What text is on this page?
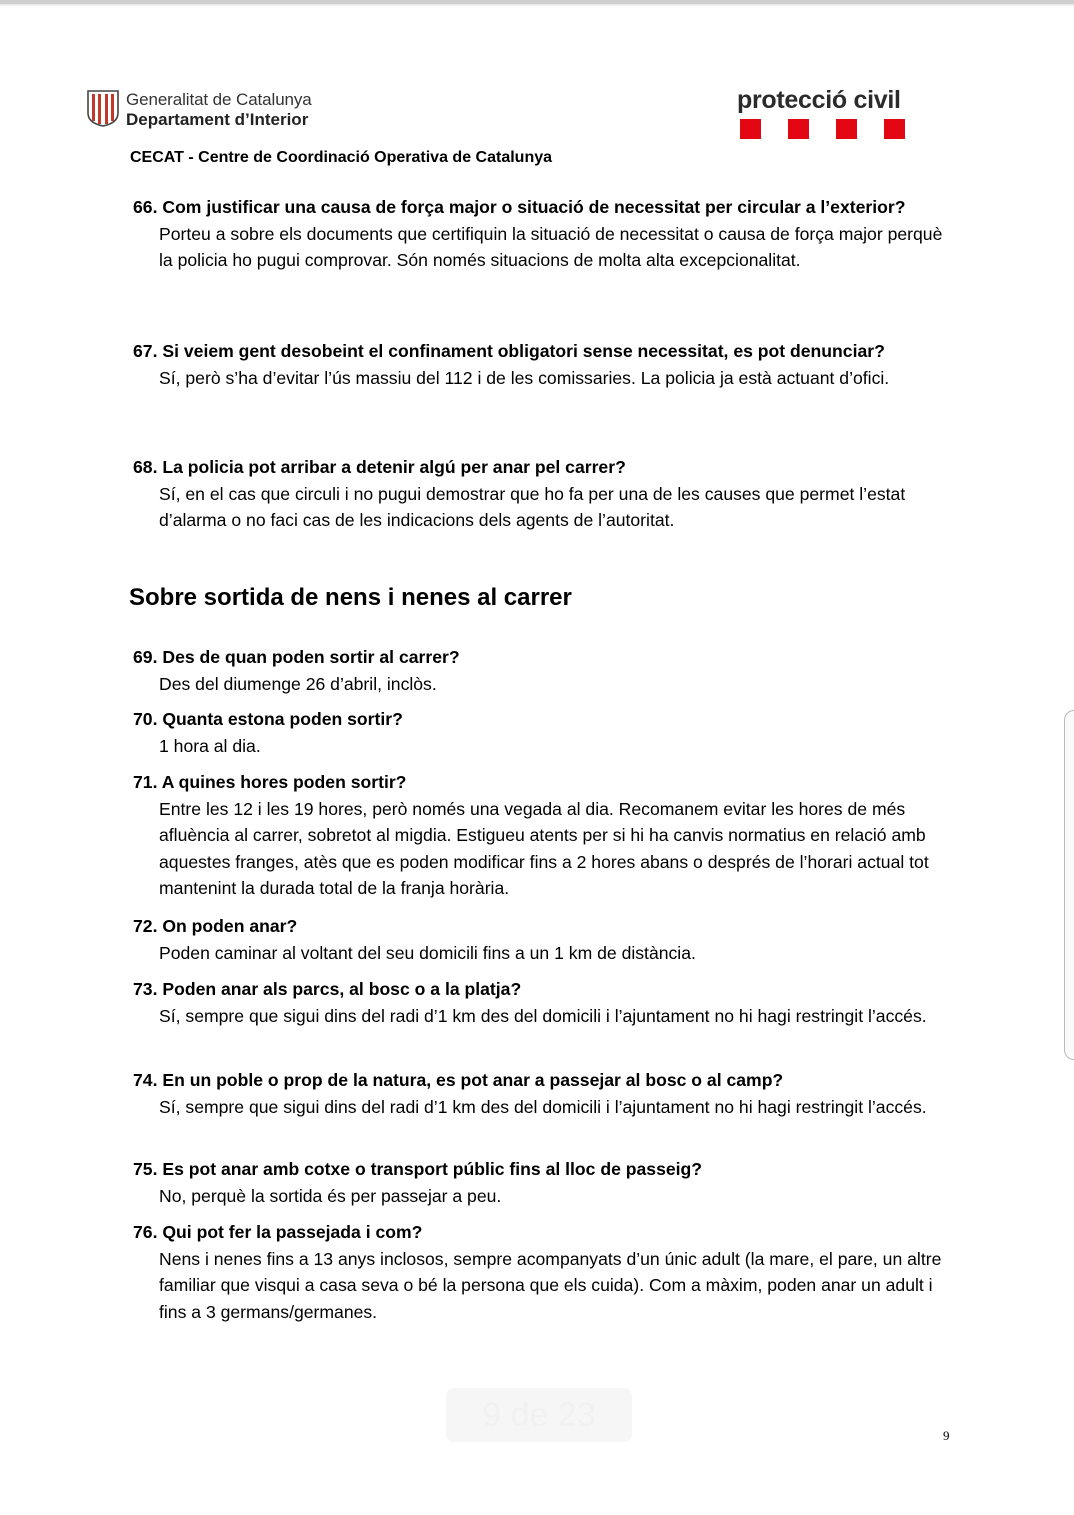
Generalitat de Catalunya
Departament d’Interior
protecció civil
CECAT - Centre de Coordinació Operativa de Catalunya
66. Com justificar una causa de força major o situació de necessitat per circular a l’exterior?
Porteu a sobre els documents que certifiquin la situació de necessitat o causa de força major perquè la policia ho pugui comprovar. Són només situacions de molta alta excepcionalitat.
67. Si veiem gent desobeint el confinament obligatori sense necessitat, es pot denunciar?
Sí, però s’ha d’evitar l’ús massiu del 112 i de les comissaries. La policia ja està actuant d’ofici.
68. La policia pot arribar a detenir algú per anar pel carrer?
Sí, en el cas que circuli i no pugui demostrar que ho fa per una de les causes que permet l’estat d’alarma o no faci cas de les indicacions dels agents de l’autoritat.
Sobre sortida de nens i nenes al carrer
69. Des de quan poden sortir al carrer?
Des del diumenge 26 d’abril, inclòs.
70. Quanta estona poden sortir?
1 hora al dia.
71. A quines hores poden sortir?
Entre les 12 i les 19 hores, però només una vegada al dia. Recomanem evitar les hores de més afluència al carrer, sobretot al migdia. Estigueu atents per si hi ha canvis normatius en relació amb aquestes franges, atès que es poden modificar fins a 2 hores abans o després de l’horari actual tot mantenint la durada total de la franja horària.
72. On poden anar?
Poden caminar al voltant del seu domicili fins a un 1 km de distància.
73. Poden anar als parcs, al bosc o a la platja?
Sí, sempre que sigui dins del radi d’1 km des del domicili i l’ajuntament no hi hagi restringit l’accés.
74. En un poble o prop de la natura, es pot anar a passejar al bosc o al camp?
Sí, sempre que sigui dins del radi d’1 km des del domicili i l’ajuntament no hi hagi restringit l’accés.
75. Es pot anar amb cotxe o transport públic fins al lloc de passeig?
No, perquè la sortida és per passejar a peu.
76. Qui pot fer la passejada i com?
Nens i nenes fins a 13 anys inclosos, sempre acompanyats d’un únic adult (la mare, el pare, un altre familiar que visqui a casa seva o bé la persona que els cuida). Com a màxim, poden anar un adult i fins a 3 germans/germanes.
9 de 23
9
